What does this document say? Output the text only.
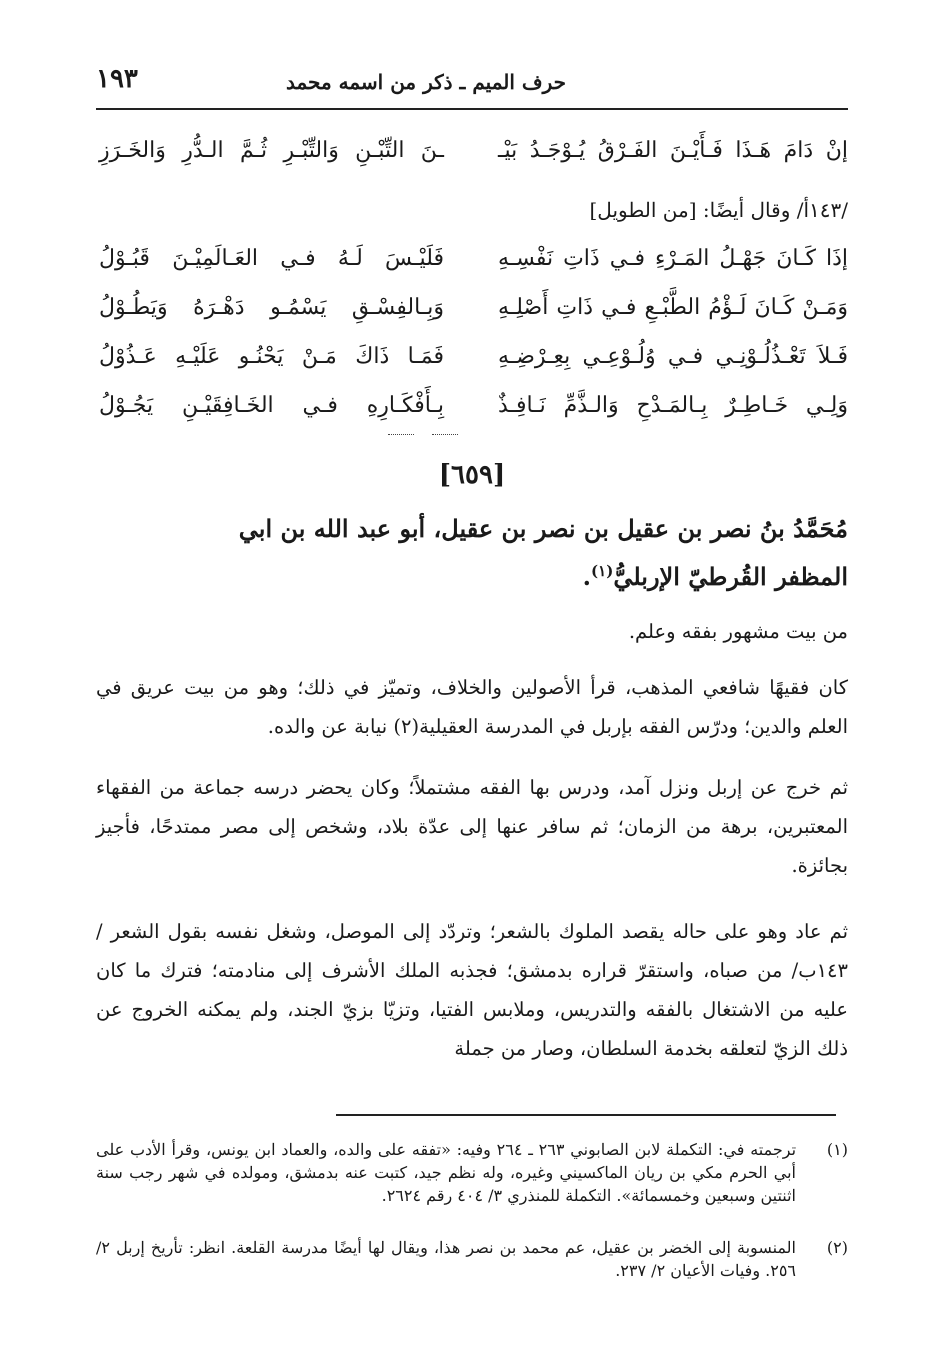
١٩٣	حرف الميم ـ ذكر من اسمه محمد
إنْ دَامَ هَـذَا فَـأَيْـنَ الفَـرْقُ يُـوْجَـدُ بَيْـ
ـنَ التِّبْـنِ وَالتِّبْـرِ ثُـمَّ الـدُّرِ وَالخَـرَزِ
/١٤٣أ/ وقال أيضًا: [من الطويل]
إذَا كَـانَ جَهْـلُ المَـرْءِ فـي ذَاتِ نَفْسِـهِ
فَلَيْـسَ لَـهُ فـي العَـالَمِيْـنَ قَبُـوْلُ
وَمَـنْ كَـانَ لَـؤْمُ الطَّبْـعِ فـي ذَاتِ أَصْلِـهِ
وَبِـالفِسْـقِ يَسْمُـو دَهْـرَهُ وَيَطُـوْلُ
فَـلاَ تَعْـذُلُـوْنِـي فـي وُلُـوْعِـي بِعِـرْضِـهِ
فَمَـا ذَاكَ مَـنْ يَحْنُـو عَلَيْـهِ عَـذُوْلُ
وَلِـي خَـاطِـرٌ بِـالمَـدْحِ وَالـذَّمِّ نَـافِـذٌ
بِـأَفْكَـارِهِ فـي الخَـافِقَيْـنِ يَجُـوْلُ
[٦٥٩]
مُحَمَّدُ بنُ نصر بن عقيل بن نصر بن عقيل، أبو عبد الله بن ابي
المظفر القُرطيّ الإربليُّ$^{(١)}$.
من بيت مشهور بفقه وعلم.
كان فقيهًا شافعي المذهب، قرأ الأصولين والخلاف، وتميّز في ذلك؛ وهو من بيت عريق في العلم والدين؛ ودرّس الفقه بإربل في المدرسة العقيلية(٢) نيابة عن والده.
ثم خرج عن إربل ونزل آمد، ودرس بها الفقه مشتملاً؛ وكان يحضر درسه جماعة من الفقهاء المعتبرين، برهة من الزمان؛ ثم سافر عنها إلى عدّة بلاد، وشخص إلى مصر ممتدحًا، فأجيز بجائزة.
ثم عاد وهو على حاله يقصد الملوك بالشعر؛ وتردّد إلى الموصل، وشغل نفسه بقول الشعر /١٤٣ب/ من صباه، واستقرّ قراره بدمشق؛ فجذبه الملك الأشرف إلى منادمته؛ فترك ما كان عليه من الاشتغال بالفقه والتدريس، وملابس الفتيا، وتزيّا بزيّ الجند، ولم يمكنه الخروج عن ذلك الزيّ لتعلقه بخدمة السلطان، وصار من جملة
(١)
ترجمته في: التكملة لابن الصابوني ٢٦٣ ـ ٢٦٤ وفيه: «تفقه على والده، والعماد ابن يونس، وقرأ الأدب على أبي الحرم مكي بن ريان الماكسيني وغيره، وله نظم جيد، كتبت عنه بدمشق، ومولده في شهر رجب سنة اثنتين وسبعين وخمسمائة». التكملة للمنذري ٣/ ٤٠٤ رقم ٢٦٢٤.
(٢)
المنسوبة إلى الخضر بن عقيل، عم محمد بن نصر هذا، ويقال لها أيضًا مدرسة القلعة. انظر: تأريخ إربل ٢/ ٢٥٦. وفيات الأعيان ٢/ ٢٣٧.
